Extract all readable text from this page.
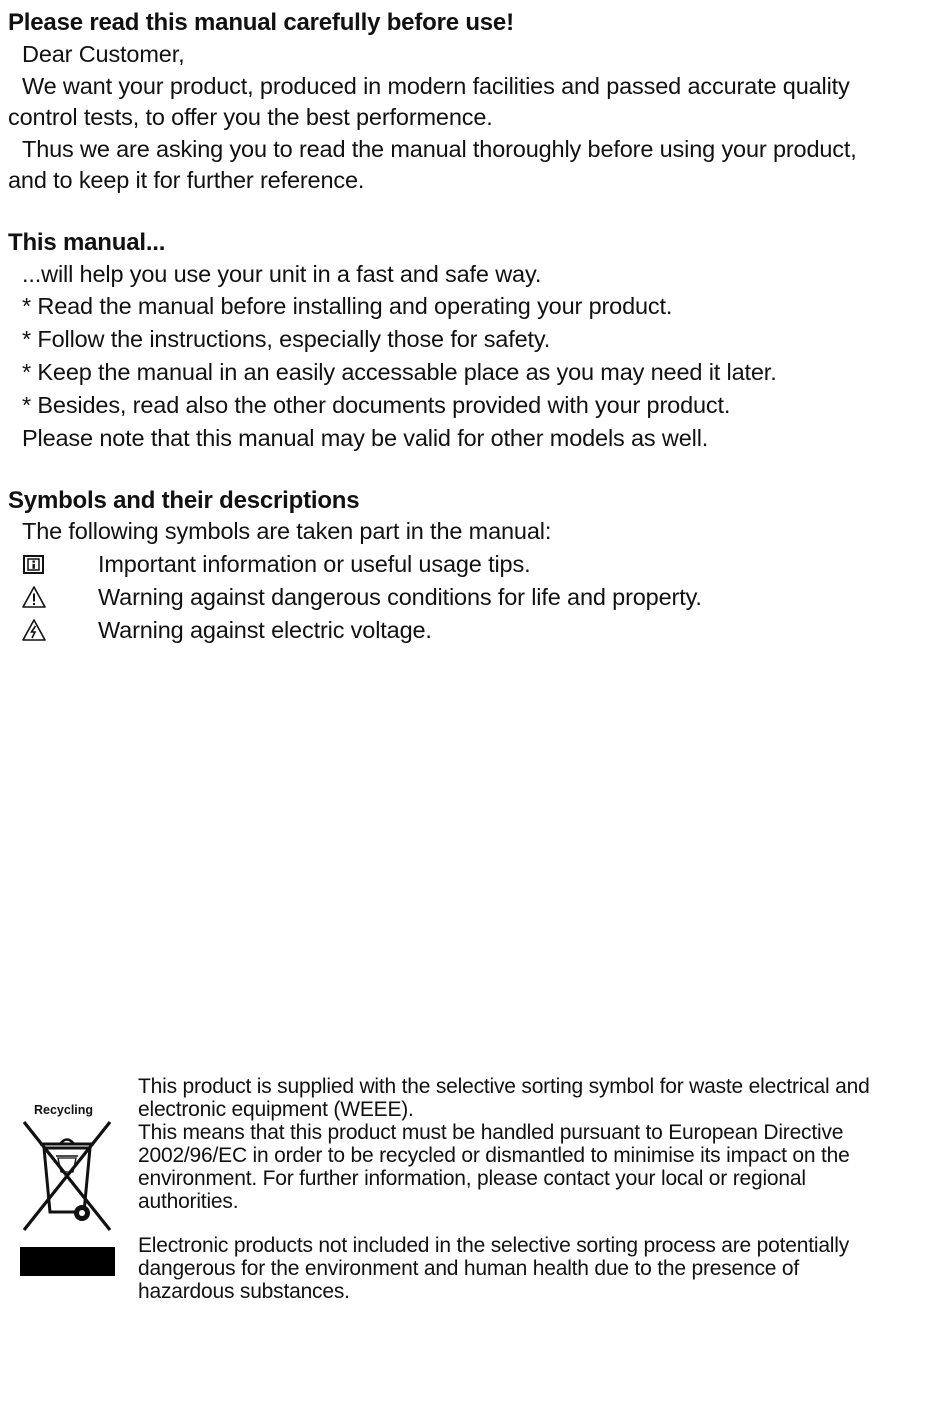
Please read this manual carefully before use!
Dear Customer,
We want your product, produced in modern facilities and passed accurate quality control tests, to offer you the best performence.
Thus we are asking you to read the manual thoroughly before using your product, and to keep it for further reference.
This manual...
...will help you use your unit in a fast and safe way.
* Read the manual before installing and operating your product.
* Follow the instructions, especially those for safety.
* Keep the manual in an easily accessable place as you may need it later.
* Besides, read also the other documents provided with your product.
Please note that this manual may be valid for other models as well.
Symbols and their descriptions
The following symbols are taken part in the manual:
Important information or useful usage tips.
Warning against dangerous conditions for life and property.
Warning against electric voltage.
Recycling
This product is supplied with the selective sorting symbol for waste electrical and electronic equipment (WEEE).
This means that this product must be handled pursuant to European Directive 2002/96/EC in order to be recycled or dismantled to minimise its impact on the environment. For further information, please contact your local or regional authorities.
Electronic products not included in the selective sorting process are potentially dangerous for the environment and human health due to the presence of hazardous substances.
